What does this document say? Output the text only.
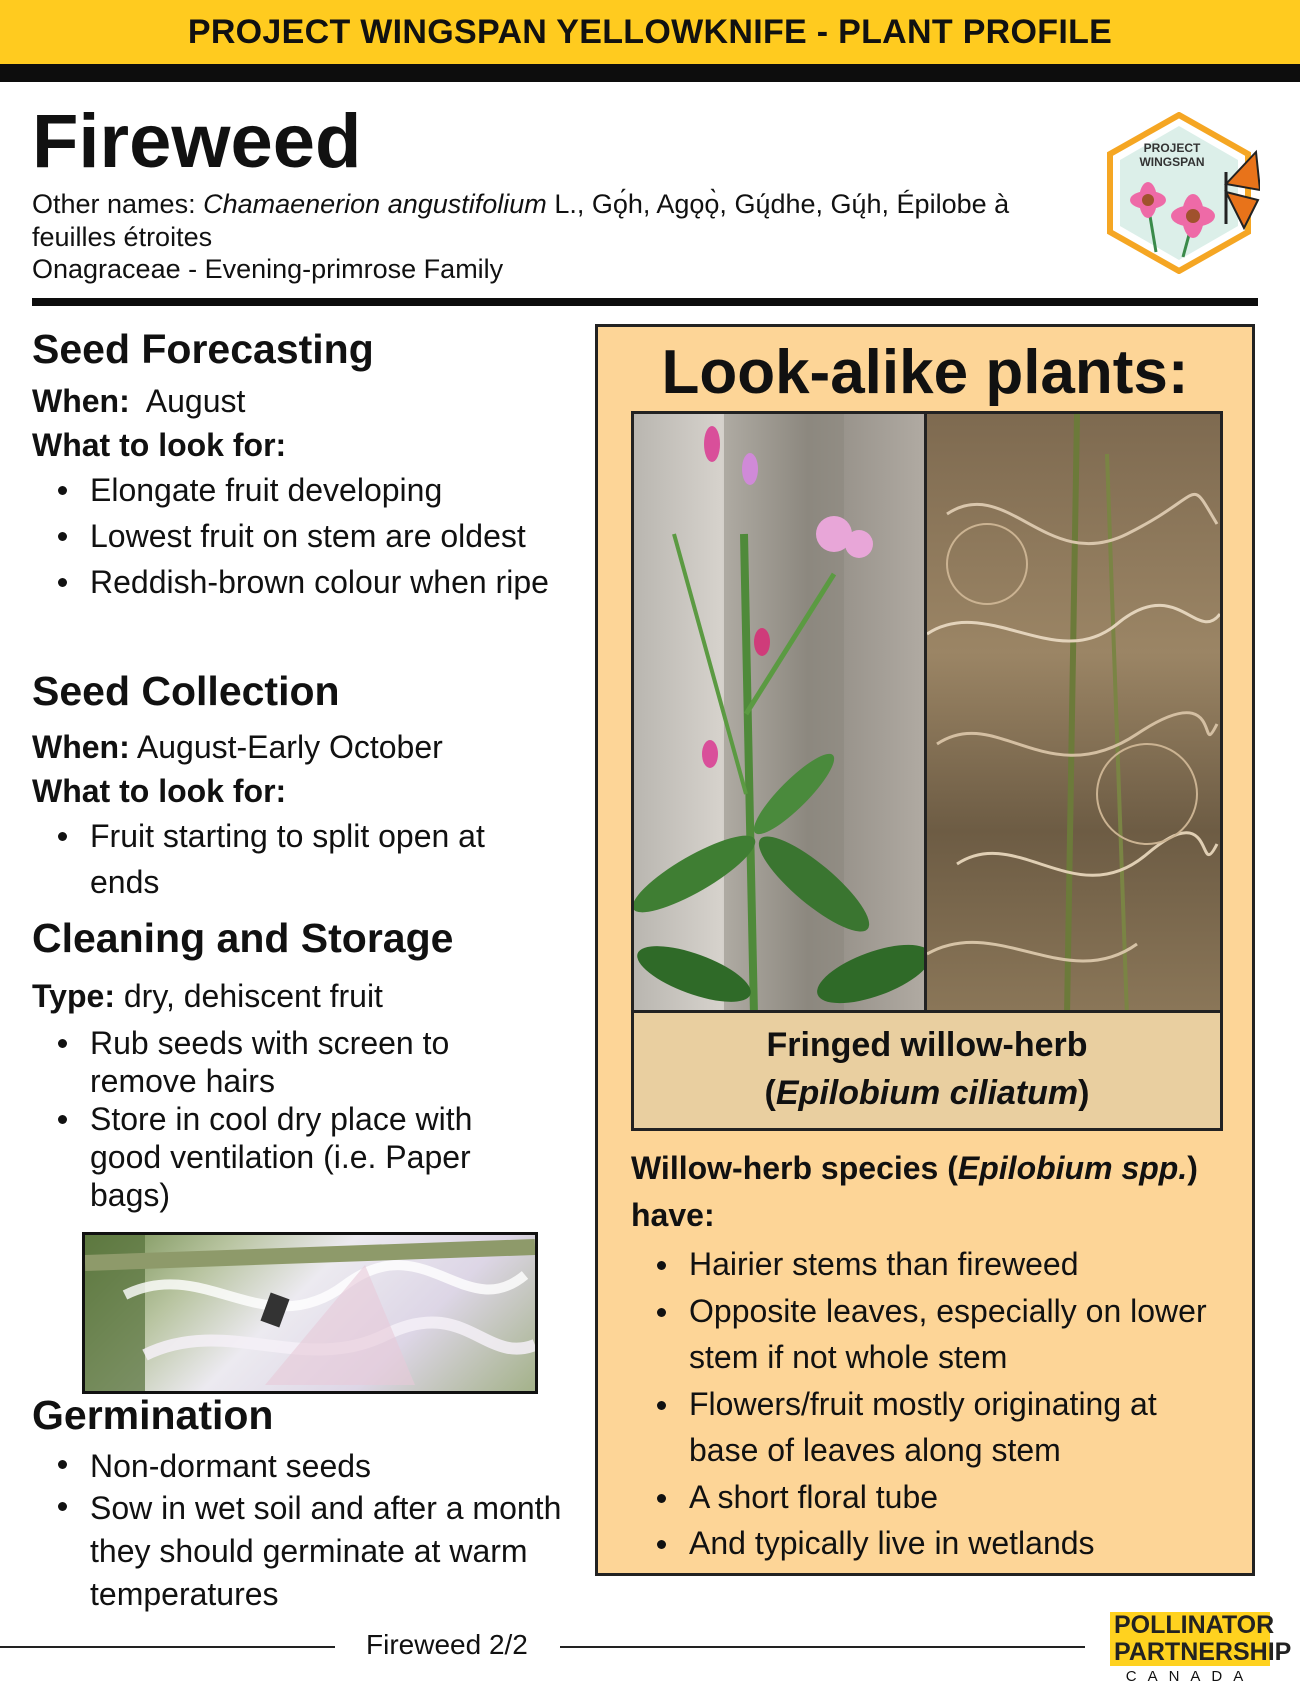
PROJECT WINGSPAN YELLOWKNIFE - PLANT PROFILE
Fireweed
Other names: Chamaenerion angustifolium L., Gǫ́h, Agǫǫ̀, Gų́dhe, Gų́h, Épilobe à feuilles étroites
Onagraceae - Evening-primrose Family
PROJECT
WINGSPAN
Seed Forecasting
When: August
What to look for:
Elongate fruit developing
Lowest fruit on stem are oldest
Reddish-brown colour when ripe
Seed Collection
When: August-Early October
What to look for:
Fruit starting to split open at ends
Cleaning and Storage
Type: dry, dehiscent fruit
Rub seeds with screen to remove hairs
Store in cool dry place with good ventilation (i.e. Paper bags)
Germination
Non-dormant seeds
Sow in wet soil and after a month they should germinate at warm temperatures
Look-alike plants:
Fringed willow-herb
(Epilobium ciliatum)
Willow-herb species (Epilobium spp.) have:
Hairier stems than fireweed
Opposite leaves, especially on lower stem if not whole stem
Flowers/fruit mostly originating at base of leaves along stem
A short floral tube
And typically live in wetlands
Fireweed 2/2
POLLINATOR
PARTNERSHIP
CANADA
